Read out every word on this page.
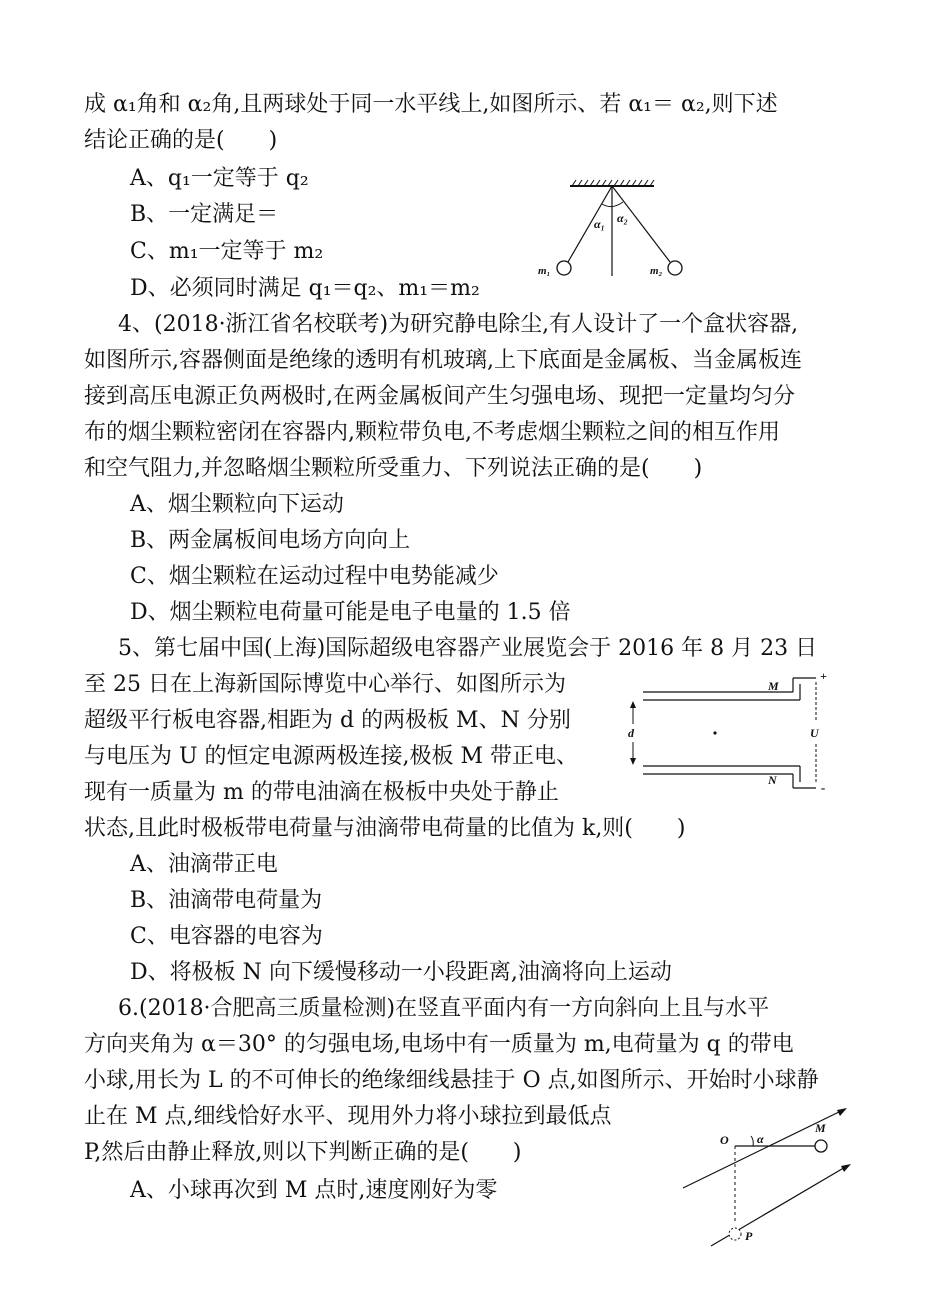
成 α₁角和 α₂角,且两球处于同一水平线上,如图所示、若 α₁＝ α₂,则下述
结论正确的是(　　)
A、q₁一定等于 q₂
B、一定满足＝
C、m₁一定等于 m₂
D、必须同时满足 q₁＝q₂、m₁＝m₂
4、(2018·浙江省名校联考)为研究静电除尘,有人设计了一个盒状容器,
如图所示,容器侧面是绝缘的透明有机玻璃,上下底面是金属板、当金属板连
接到高压电源正负两极时,在两金属板间产生匀强电场、现把一定量均匀分
布的烟尘颗粒密闭在容器内,颗粒带负电,不考虑烟尘颗粒之间的相互作用
和空气阻力,并忽略烟尘颗粒所受重力、下列说法正确的是(　　)
A、烟尘颗粒向下运动
B、两金属板间电场方向向上
C、烟尘颗粒在运动过程中电势能减少
D、烟尘颗粒电荷量可能是电子电量的 1.5 倍
5、第七届中国(上海)国际超级电容器产业展览会于 2016 年 8 月 23 日
至 25 日在上海新国际博览中心举行、如图所示为
超级平行板电容器,相距为 d 的两极板 M、N 分别
与电压为 U 的恒定电源两极连接,极板 M 带正电、
现有一质量为 m 的带电油滴在极板中央处于静止
状态,且此时极板带电荷量与油滴带电荷量的比值为 k,则(　　)
A、油滴带正电
B、油滴带电荷量为
C、电容器的电容为
D、将极板 N 向下缓慢移动一小段距离,油滴将向上运动
6.(2018·合肥高三质量检测)在竖直平面内有一方向斜向上且与水平
方向夹角为 α＝30° 的匀强电场,电场中有一质量为 m,电荷量为 q 的带电
小球,用长为 L 的不可伸长的绝缘细线悬挂于 O 点,如图所示、开始时小球静
止在 M 点,细线恰好水平、现用外力将小球拉到最低点
P,然后由静止释放,则以下判断正确的是(　　)
A、小球再次到 M 点时,速度刚好为零
α₁ α₂
m₁	m₂
M
N
d	U
+
-
O α
M
P
